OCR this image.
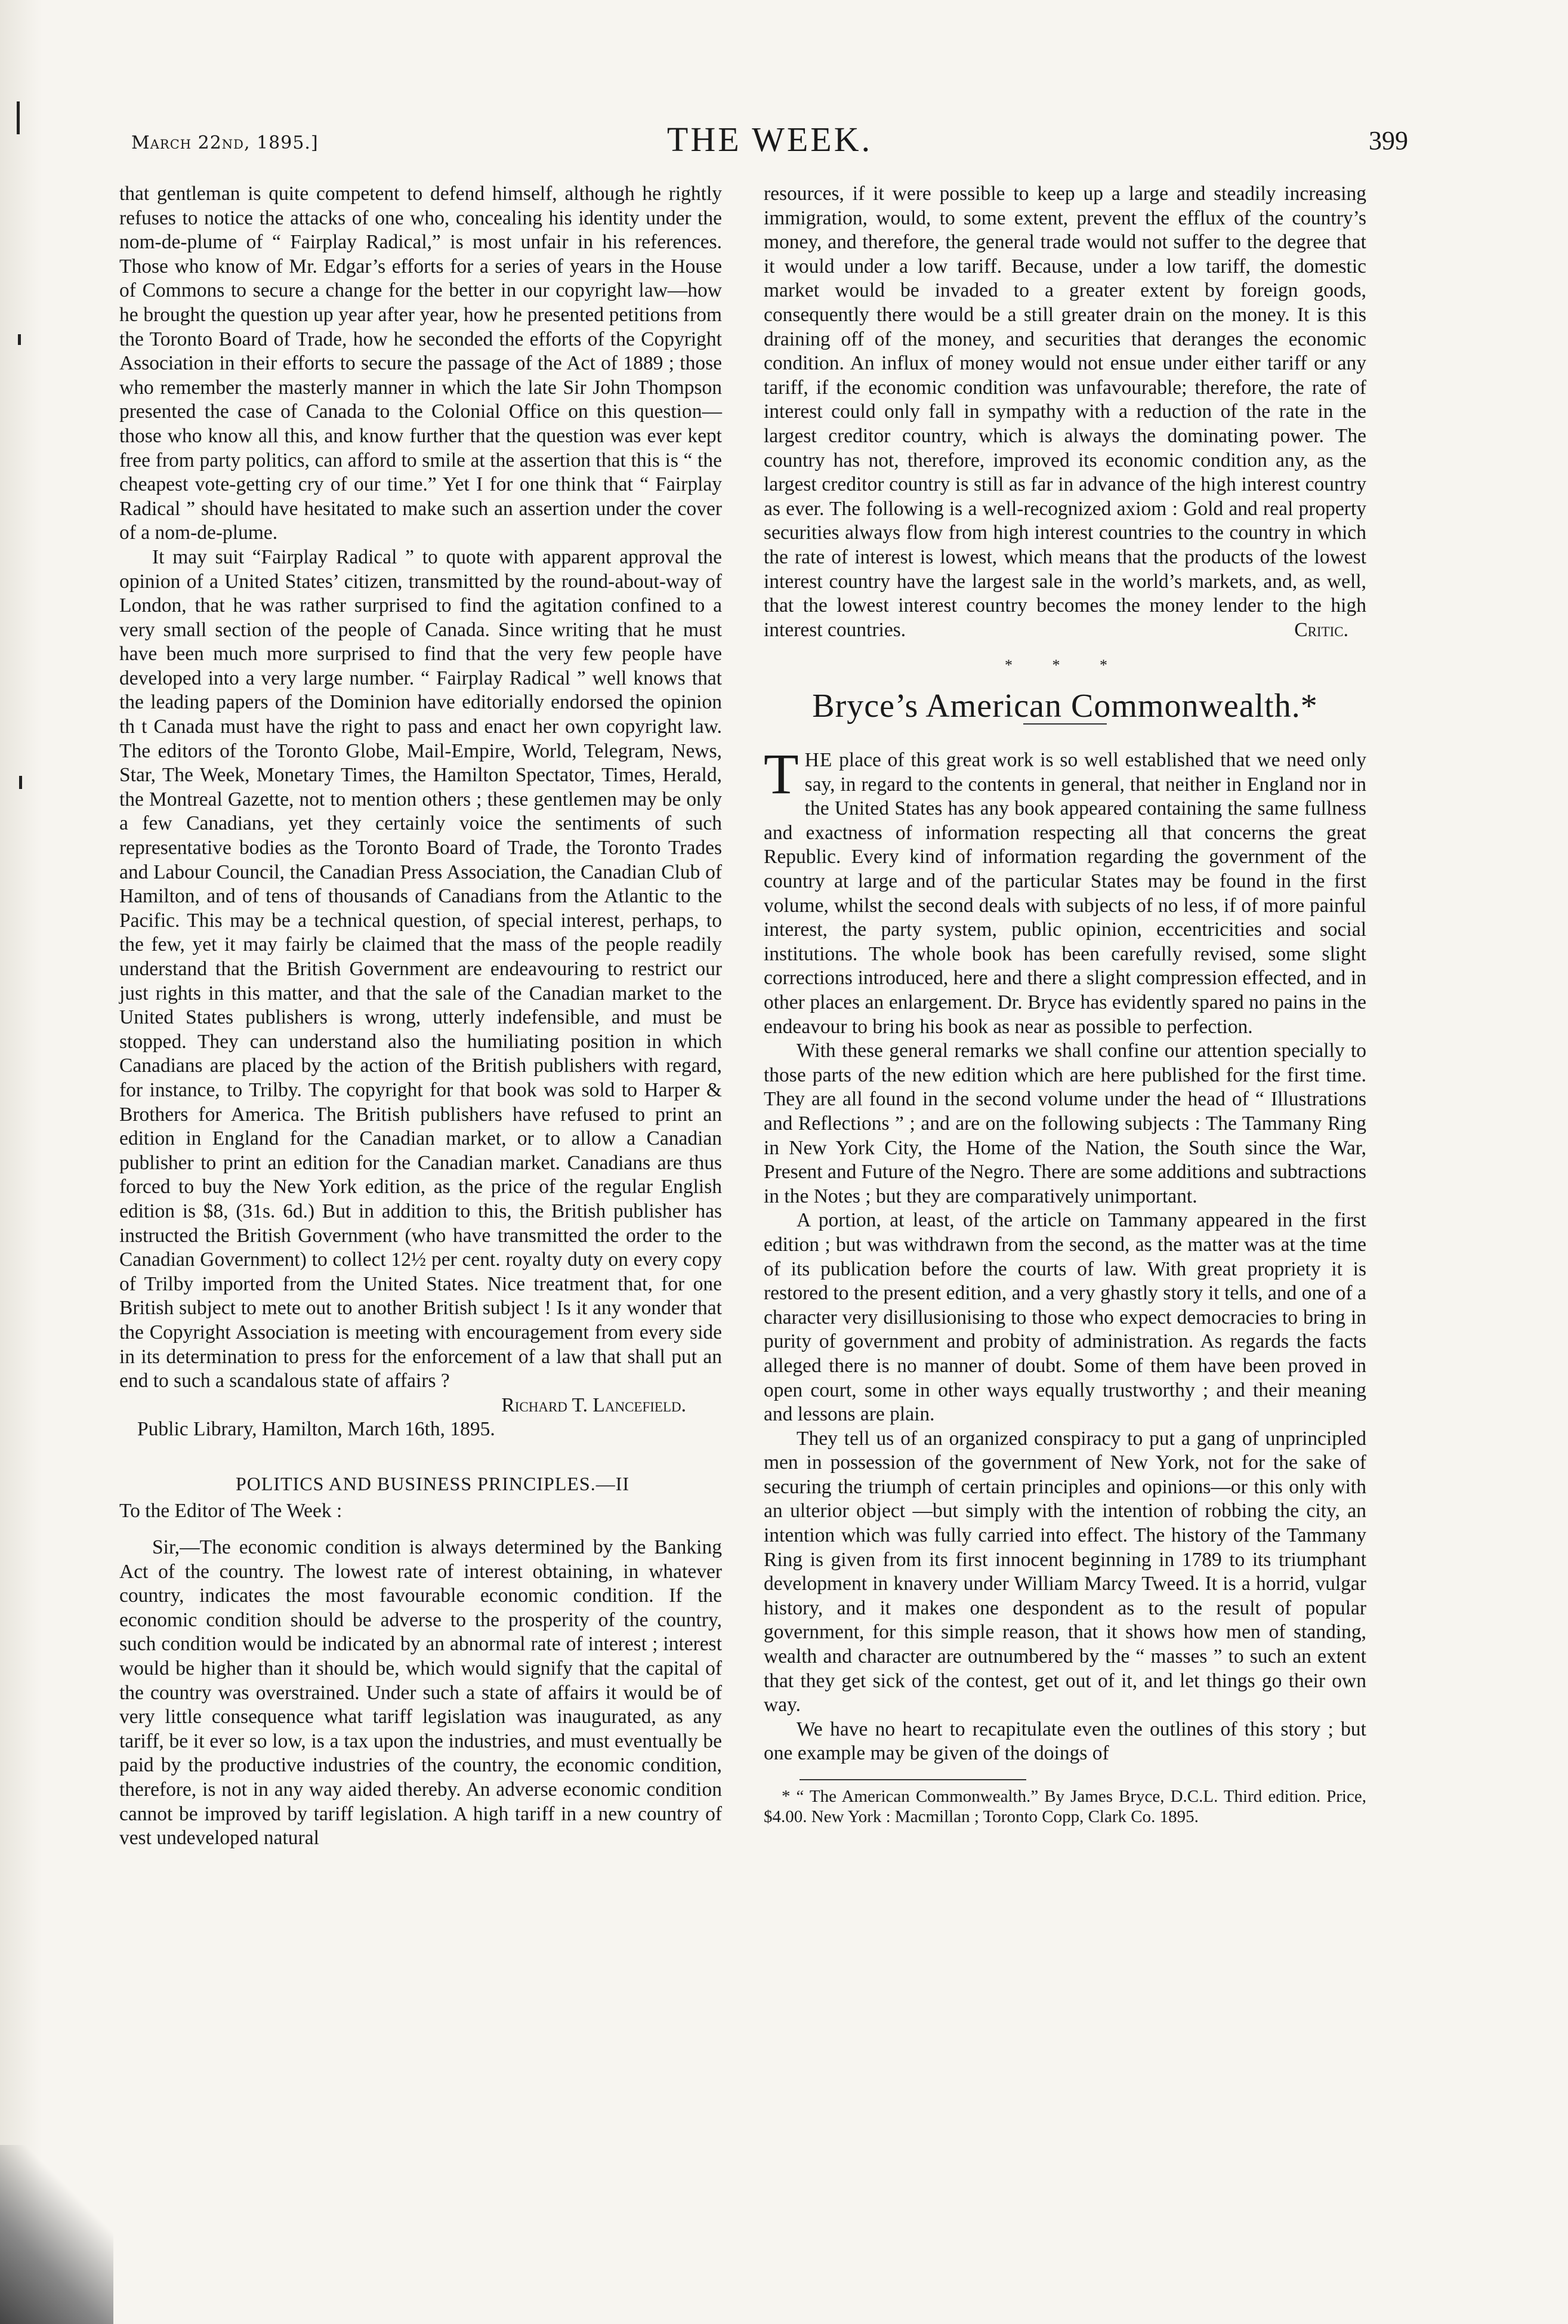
March 22nd, 1895.]	THE WEEK.	399

that gentleman is quite competent to defend himself, although he rightly refuses to notice the attacks of one who, concealing his identity under the nom-de-plume of “ Fairplay Radical,” is most unfair in his references. Those who know of Mr. Edgar’s efforts for a series of years in the House of Commons to secure a change for the better in our copyright law—how he brought the question up year after year, how he presented petitions from the Toronto Board of Trade, how he seconded the efforts of the Copyright Association in their efforts to secure the passage of the Act of 1889 ; those who remember the masterly manner in which the late Sir John Thompson presented the case of Canada to the Colonial Office on this question—those who know all this, and know further that the question was ever kept free from party politics, can afford to smile at the assertion that this is “ the cheapest vote-getting cry of our time.” Yet I for one think that “ Fairplay Radical ” should have hesitated to make such an assertion under the cover of a nom-de-plume.

It may suit “Fairplay Radical ” to quote with apparent approval the opinion of a United States’ citizen, transmitted by the round-about-way of London, that he was rather surprised to find the agitation confined to a very small section of the people of Canada. Since writing that he must have been much more surprised to find that the very few people have developed into a very large number. “ Fairplay Radical ” well knows that the leading papers of the Dominion have editorially endorsed the opinion th t Canada must have the right to pass and enact her own copyright law. The editors of the Toronto Globe, Mail-Empire, World, Telegram, News, Star, The Week, Monetary Times, the Hamilton Spectator, Times, Herald, the Montreal Gazette, not to mention others ; these gentlemen may be only a few Canadians, yet they certainly voice the sentiments of such representative bodies as the Toronto Board of Trade, the Toronto Trades and Labour Council, the Canadian Press Association, the Canadian Club of Hamilton, and of tens of thousands of Canadians from the Atlantic to the Pacific. This may be a technical question, of special interest, perhaps, to the few, yet it may fairly be claimed that the mass of the people readily understand that the British Government are endeavouring to restrict our just rights in this matter, and that the sale of the Canadian market to the United States publishers is wrong, utterly indefensible, and must be stopped. They can understand also the humiliating position in which Canadians are placed by the action of the British publishers with regard, for instance, to Trilby. The copyright for that book was sold to Harper & Brothers for America. The British publishers have refused to print an edition in England for the Canadian market, or to allow a Canadian publisher to print an edition for the Canadian market. Canadians are thus forced to buy the New York edition, as the price of the regular English edition is $8, (31s. 6d.) But in addition to this, the British publisher has instructed the British Government (who have transmitted the order to the Canadian Government) to collect 12½ per cent. royalty duty on every copy of Trilby imported from the United States. Nice treatment that, for one British subject to mete out to another British subject ! Is it any wonder that the Copyright Association is meeting with encouragement from every side in its determination to press for the enforcement of a law that shall put an end to such a scandalous state of affairs ?

Richard T. Lancefield.

Public Library, Hamilton, March 16th, 1895.

POLITICS AND BUSINESS PRINCIPLES.—II

To the Editor of The Week :

Sir,—The economic condition is always determined by the Banking Act of the country. The lowest rate of interest obtaining, in whatever country, indicates the most favourable economic condition. If the economic condition should be adverse to the prosperity of the country, such condition would be indicated by an abnormal rate of interest ; interest would be higher than it should be, which would signify that the capital of the country was overstrained. Under such a state of affairs it would be of very little consequence what tariff legislation was inaugurated, as any tariff, be it ever so low, is a tax upon the industries, and must eventually be paid by the productive industries of the country, the economic condition, therefore, is not in any way aided thereby. An adverse economic condition cannot be improved by tariff legislation. A high tariff in a new country of vest undeveloped natural

resources, if it were possible to keep up a large and steadily increasing immigration, would, to some extent, prevent the efflux of the country’s money, and therefore, the general trade would not suffer to the degree that it would under a low tariff. Because, under a low tariff, the domestic market would be invaded to a greater extent by foreign goods, consequently there would be a still greater drain on the money. It is this draining off of the money, and securities that deranges the economic condition. An influx of money would not ensue under either tariff or any tariff, if the economic condition was unfavourable; therefore, the rate of interest could only fall in sympathy with a reduction of the rate in the largest creditor country, which is always the dominating power. The country has not, therefore, improved its economic condition any, as the largest creditor country is still as far in advance of the high interest country as ever. The following is a well-recognized axiom : Gold and real property securities always flow from high interest countries to the country in which the rate of interest is lowest, which means that the products of the lowest interest country have the largest sale in the world’s markets, and, as well, that the lowest interest country becomes the money lender to the high interest countries.	Critic.
* * *
Bryce’s American Commonwealth.*

THE place of this great work is so well established that we need only say, in regard to the contents in general, that neither in England nor in the United States has any book appeared containing the same fullness and exactness of information respecting all that concerns the great Republic. Every kind of information regarding the government of the country at large and of the particular States may be found in the first volume, whilst the second deals with subjects of no less, if of more painful interest, the party system, public opinion, eccentricities and social institutions. The whole book has been carefully revised, some slight corrections introduced, here and there a slight compression effected, and in other places an enlargement. Dr. Bryce has evidently spared no pains in the endeavour to bring his book as near as possible to perfection.

With these general remarks we shall confine our attention specially to those parts of the new edition which are here published for the first time. They are all found in the second volume under the head of “ Illustrations and Reflections ” ; and are on the following subjects : The Tammany Ring in New York City, the Home of the Nation, the South since the War, Present and Future of the Negro. There are some additions and subtractions in the Notes ; but they are comparatively unimportant.

A portion, at least, of the article on Tammany appeared in the first edition ; but was withdrawn from the second, as the matter was at the time of its publication before the courts of law. With great propriety it is restored to the present edition, and a very ghastly story it tells, and one of a character very disillusionising to those who expect democracies to bring in purity of government and probity of administration. As regards the facts alleged there is no manner of doubt. Some of them have been proved in open court, some in other ways equally trustworthy ; and their meaning and lessons are plain.

They tell us of an organized conspiracy to put a gang of unprincipled men in possession of the government of New York, not for the sake of securing the triumph of certain principles and opinions—or this only with an ulterior object —but simply with the intention of robbing the city, an intention which was fully carried into effect. The history of the Tammany Ring is given from its first innocent beginning in 1789 to its triumphant development in knavery under William Marcy Tweed. It is a horrid, vulgar history, and it makes one despondent as to the result of popular government, for this simple reason, that it shows how men of standing, wealth and character are outnumbered by the “ masses ” to such an extent that they get sick of the contest, get out of it, and let things go their own way.

We have no heart to recapitulate even the outlines of this story ; but one example may be given of the doings of

* “ The American Commonwealth.” By James Bryce, D.C.L. Third edition. Price, $4.00. New York : Macmillan ; Toronto Copp, Clark Co. 1895.
